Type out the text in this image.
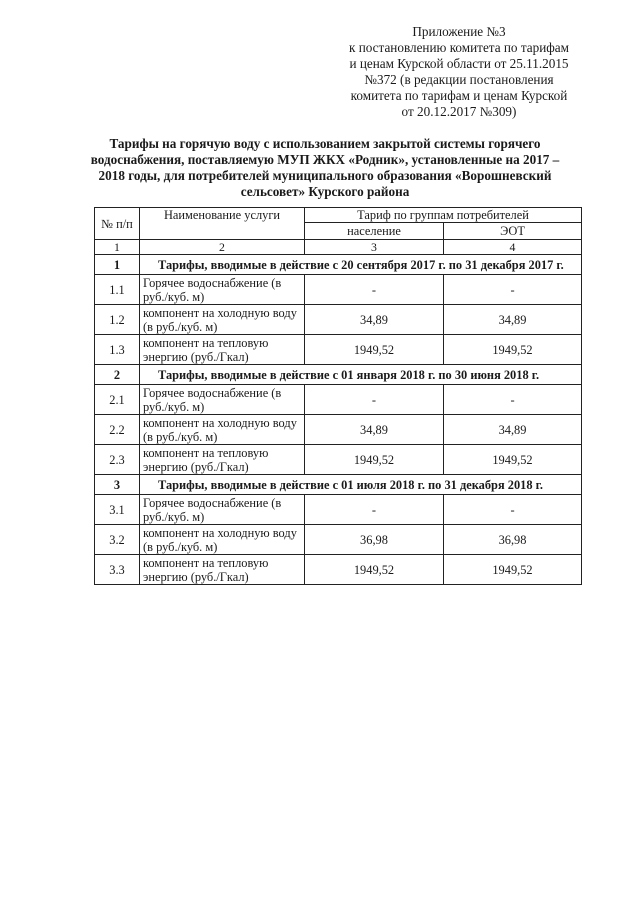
Приложение №3
к постановлению комитета по тарифам
и ценам Курской области от 25.11.2015
№372 (в редакции постановления
комитета по тарифам и ценам Курской
от 20.12.2017 №309)
Тарифы на горячую воду с использованием закрытой системы горячего
водоснабжения, поставляемую МУП ЖКХ «Родник», установленные на 2017 –
2018 годы, для потребителей муниципального образования «Ворошневский
сельсовет» Курского района
№ п/п	Наименование услуги	Тариф по группам потребителей	
		население	ЭОТ
1	2	3	4
1	Тарифы, вводимые в действие с 20 сентября 2017 г. по 31 декабря 2017 г.		
1.1	Горячее водоснабжение (в руб./куб. м)	-	-
1.2	компонент на холодную воду (в руб./куб. м)	34,89	34,89
1.3	компонент на тепловую энергию (руб./Гкал)	1949,52	1949,52
2	Тарифы, вводимые в действие с 01 января 2018 г. по 30 июня 2018 г.		
2.1	Горячее водоснабжение (в руб./куб. м)	-	-
2.2	компонент на холодную воду (в руб./куб. м)	34,89	34,89
2.3	компонент на тепловую энергию (руб./Гкал)	1949,52	1949,52
3	Тарифы, вводимые в действие с 01 июля 2018 г. по 31 декабря 2018 г.		
3.1	Горячее водоснабжение (в руб./куб. м)	-	-
3.2	компонент на холодную воду (в руб./куб. м)	36,98	36,98
3.3	компонент на тепловую энергию (руб./Гкал)	1949,52	1949,52
